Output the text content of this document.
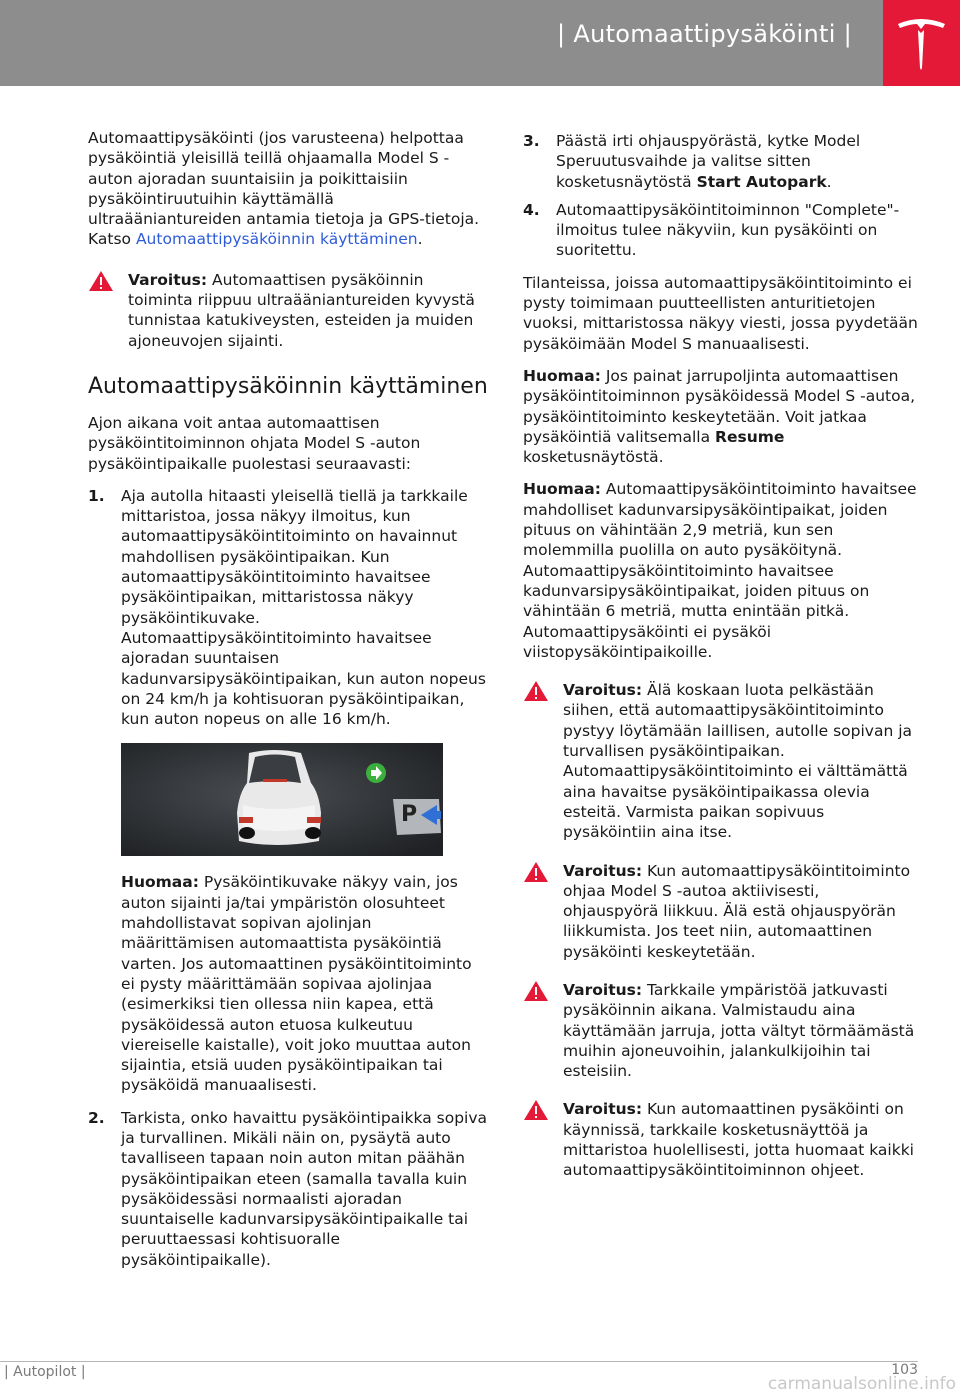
| Automaattipysäköinti |

Automaattipysäköinti (jos varusteena) helpottaa pysäköintiä yleisillä teillä ohjaamalla Model S -auton ajoradan suuntaisiin ja poikittaisiin pysäköintiruutuihin käyttämällä ultraääniantureiden antamia tietoja ja GPS-tietoja. Katso Automaattipysäköinnin käyttäminen.

Varoitus: Automaattisen pysäköinnin toiminta riippuu ultraääniantureiden kyvystä tunnistaa katukiveysten, esteiden ja muiden ajoneuvojen sijainti.
Automaattipysäköinnin käyttäminen

Ajon aikana voit antaa automaattisen pysäköintitoiminnon ohjata Model S -auton pysäköintipaikalle puolestasi seuraavasti:

1. Aja autolla hitaasti yleisellä tiellä ja tarkkaile mittaristoa, jossa näkyy ilmoitus, kun automaattipysäköintitoiminto on havainnut mahdollisen pysäköintipaikan. Kun automaattipysäköintitoiminto havaitsee pysäköintipaikan, mittaristossa näkyy pysäköintikuvake. Automaattipysäköintitoiminto havaitsee ajoradan suuntaisen kadunvarsipysäköintipaikan, kun auton nopeus on 24 km/h ja kohtisuoran pysäköintipaikan, kun auton nopeus on alle 16 km/h.
P

Huomaa: Pysäköintikuvake näkyy vain, jos auton sijainti ja/tai ympäristön olosuhteet mahdollistavat sopivan ajolinjan määrittämisen automaattista pysäköintiä varten. Jos automaattinen pysäköintitoiminto ei pysty määrittämään sopivaa ajolinjaa (esimerkiksi tien ollessa niin kapea, että pysäköidessä auton etuosa kulkeutuu viereiselle kaistalle), voit joko muuttaa auton sijaintia, etsiä uuden pysäköintipaikan tai pysäköidä manuaalisesti.

2. Tarkista, onko havaittu pysäköintipaikka sopiva ja turvallinen. Mikäli näin on, pysäytä auto tavalliseen tapaan noin auton mitan päähän pysäköintipaikan eteen (samalla tavalla kuin pysäköidessäsi normaalisti ajoradan suuntaiselle kadunvarsipysäköintipaikalle tai peruuttaessasi kohtisuoralle pysäköintipaikalle).
3. Päästä irti ohjauspyörästä, kytke Model Speruutusvaihde ja valitse sitten kosketusnäytöstä Start Autopark.
4. Automaattipysäköintitoiminnon "Complete"-ilmoitus tulee näkyviin, kun pysäköinti on suoritettu.

Tilanteissa, joissa automaattipysäköintitoiminto ei pysty toimimaan puutteellisten anturitietojen vuoksi, mittaristossa näkyy viesti, jossa pyydetään pysäköimään Model S manuaalisesti.

Huomaa: Jos painat jarrupoljinta automaattisen pysäköintitoiminnon pysäköidessä Model S -autoa, pysäköintitoiminto keskeytetään. Voit jatkaa pysäköintiä valitsemalla Resume kosketusnäytöstä.

Huomaa: Automaattipysäköintitoiminto havaitsee mahdolliset kadunvarsipysäköintipaikat, joiden pituus on vähintään 2,9 metriä, kun sen molemmilla puolilla on auto pysäköitynä. Automaattipysäköintitoiminto havaitsee kadunvarsipysäköintipaikat, joiden pituus on vähintään 6 metriä, mutta enintään pitkä. Automaattipysäköinti ei pysäköi viistopysäköintipaikoille.

Varoitus: Älä koskaan luota pelkästään siihen, että automaattipysäköintitoiminto pystyy löytämään laillisen, autolle sopivan ja turvallisen pysäköintipaikan. Automaattipysäköintitoiminto ei välttämättä aina havaitse pysäköintipaikassa olevia esteitä. Varmista paikan sopivuus pysäköintiin aina itse.
Varoitus: Kun automaattipysäköintitoiminto ohjaa Model S -autoa aktiivisesti, ohjauspyörä liikkuu. Älä estä ohjauspyörän liikkumista. Jos teet niin, automaattinen pysäköinti keskeytetään.
Varoitus: Tarkkaile ympäristöä jatkuvasti pysäköinnin aikana. Valmistaudu aina käyttämään jarruja, jotta vältyt törmäämästä muihin ajoneuvoihin, jalankulkijoihin tai esteisiin.
Varoitus: Kun automaattinen pysäköinti on käynnissä, tarkkaile kosketusnäyttöä ja mittaristoa huolellisesti, jotta huomaat kaikki automaattipysäköintitoiminnon ohjeet.
| Autopilot |	103
carmanualsonline.info
